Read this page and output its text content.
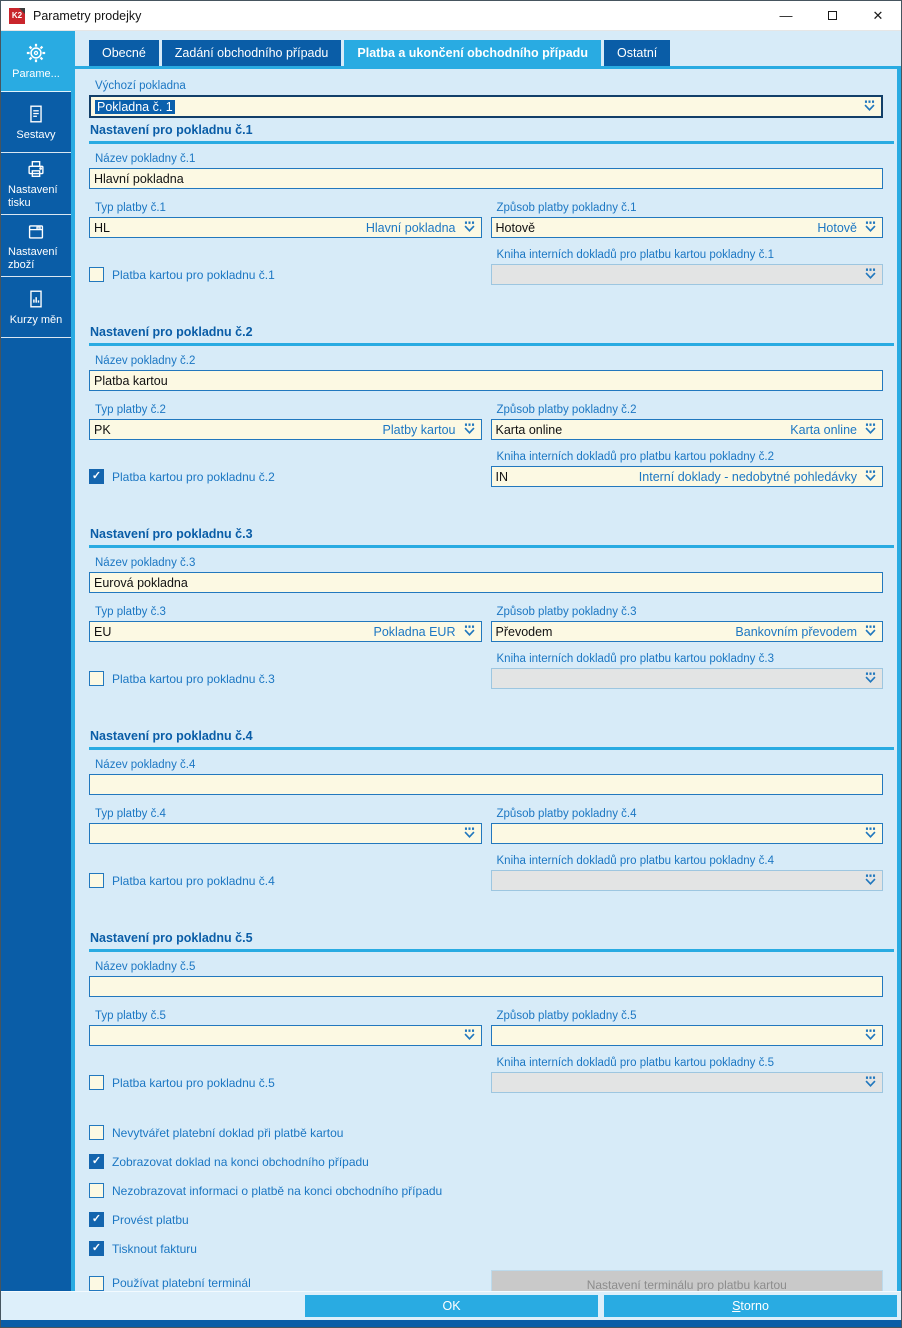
K2 Parametry prodejky	—	✕
Parame...
Sestavy
Nastavení tisku
Nastavení zboží
Kurzy měn
Obecné	Zadání obchodního případu	Platba a ukončení obchodního případu	Ostatní
Výchozí pokladna
Pokladna č. 1
Nastavení pro pokladnu č.1
Název pokladny č.1
Hlavní pokladna
Typ platby č.1
HL	Hlavní pokladna
Způsob platby pokladny č.1
Hotově	Hotově
Platba kartou pro pokladnu č.1
Kniha interních dokladů pro platbu kartou pokladny č.1
Nastavení pro pokladnu č.2
Název pokladny č.2
Platba kartou
Typ platby č.2
PK	Platby kartou
Způsob platby pokladny č.2
Karta online	Karta online
✓ Platba kartou pro pokladnu č.2
Kniha interních dokladů pro platbu kartou pokladny č.2
IN	Interní doklady - nedobytné pohledávky
Nastavení pro pokladnu č.3
Název pokladny č.3
Eurová pokladna
Typ platby č.3
EU	Pokladna EUR
Způsob platby pokladny č.3
Převodem	Bankovním převodem
Platba kartou pro pokladnu č.3
Kniha interních dokladů pro platbu kartou pokladny č.3
Nastavení pro pokladnu č.4
Název pokladny č.4
Typ platby č.4	Způsob platby pokladny č.4
Platba kartou pro pokladnu č.4
Kniha interních dokladů pro platbu kartou pokladny č.4
Nastavení pro pokladnu č.5
Název pokladny č.5
Typ platby č.5	Způsob platby pokladny č.5
Platba kartou pro pokladnu č.5
Kniha interních dokladů pro platbu kartou pokladny č.5
Nevytvářet platební doklad při platbě kartou
✓ Zobrazovat doklad na konci obchodního případu
Nezobrazovat informaci o platbě na konci obchodního případu
✓ Provést platbu
✓ Tisknout fakturu
Používat platební terminál	Nastavení terminálu pro platbu kartou
OK	Storno
